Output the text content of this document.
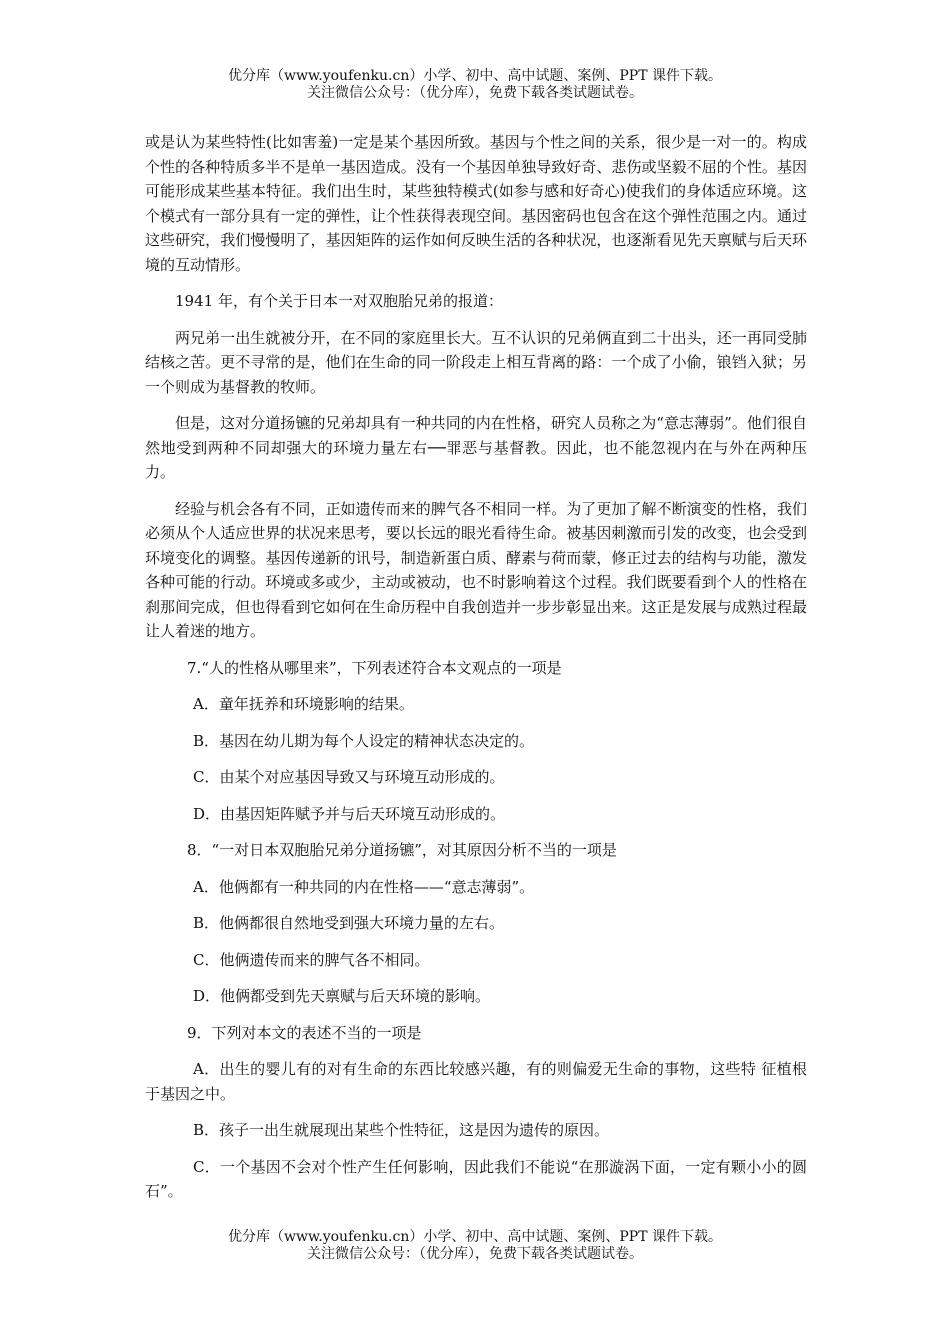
优分库（www.youfenku.cn）小学、初中、高中试题、案例、PPT 课件下载。
关注微信公众号：（优分库），免费下载各类试题试卷。

或是认为某些特性(比如害羞)一定是某个基因所致。基因与个性之间的关系，很少是一对一的。构成个性的各种特质多半不是单一基因造成。没有一个基因单独导致好奇、悲伤或坚毅不屈的个性。基因可能形成某些基本特征。我们出生时，某些独特模式(如参与感和好奇心)使我们的身体适应环境。这个模式有一部分具有一定的弹性，让个性获得表现空间。基因密码也包含在这个弹性范围之内。通过这些研究，我们慢慢明了，基因矩阵的运作如何反映生活的各种状况，也逐渐看见先天禀赋与后天环境的互动情形。

1941 年，有个关于日本一对双胞胎兄弟的报道：

两兄弟一出生就被分开，在不同的家庭里长大。互不认识的兄弟俩直到二十出头，还一再同受肺结核之苦。更不寻常的是，他们在生命的同一阶段走上相互背离的路：一个成了小偷，锒铛入狱；另一个则成为基督教的牧师。

但是，这对分道扬镳的兄弟却具有一种共同的内在性格，研究人员称之为“意志薄弱”。他们很自然地受到两种不同却强大的环境力量左右──罪恶与基督教。因此，也不能忽视内在与外在两种压力。

经验与机会各有不同，正如遗传而来的脾气各不相同一样。为了更加了解不断演变的性格，我们必须从个人适应世界的状况来思考，要以长远的眼光看待生命。被基因刺激而引发的改变，也会受到环境变化的调整。基因传递新的讯号，制造新蛋白质、酵素与荷而蒙，修正过去的结构与功能，激发各种可能的行动。环境或多或少，主动或被动，也不时影响着这个过程。我们既要看到个人的性格在刹那间完成，但也得看到它如何在生命历程中自我创造并一步步彰显出来。这正是发展与成熟过程最让人着迷的地方。

7.“人的性格从哪里来”，下列表述符合本文观点的一项是

A．童年抚养和环境影响的结果。

B．基因在幼儿期为每个人设定的精神状态决定的。

C．由某个对应基因导致又与环境互动形成的。

D．由基因矩阵赋予并与后天环境互动形成的。

8．“一对日本双胞胎兄弟分道扬镳”，对其原因分析不当的一项是

A．他俩都有一种共同的内在性格——“意志薄弱”。

B．他俩都很自然地受到强大环境力量的左右。

C．他俩遗传而来的脾气各不相同。

D．他俩都受到先天禀赋与后天环境的影响。

9．下列对本文的表述不当的一项是

A．出生的婴儿有的对有生命的东西比较感兴趣，有的则偏爱无生命的事物，这些特 征植根于基因之中。

B．孩子一出生就展现出某些个性特征，这是因为遗传的原因。

C．一个基因不会对个性产生任何影响，因此我们不能说“在那漩涡下面，一定有颗小小的圆石”。

优分库（www.youfenku.cn）小学、初中、高中试题、案例、PPT 课件下载。
关注微信公众号：（优分库），免费下载各类试题试卷。
